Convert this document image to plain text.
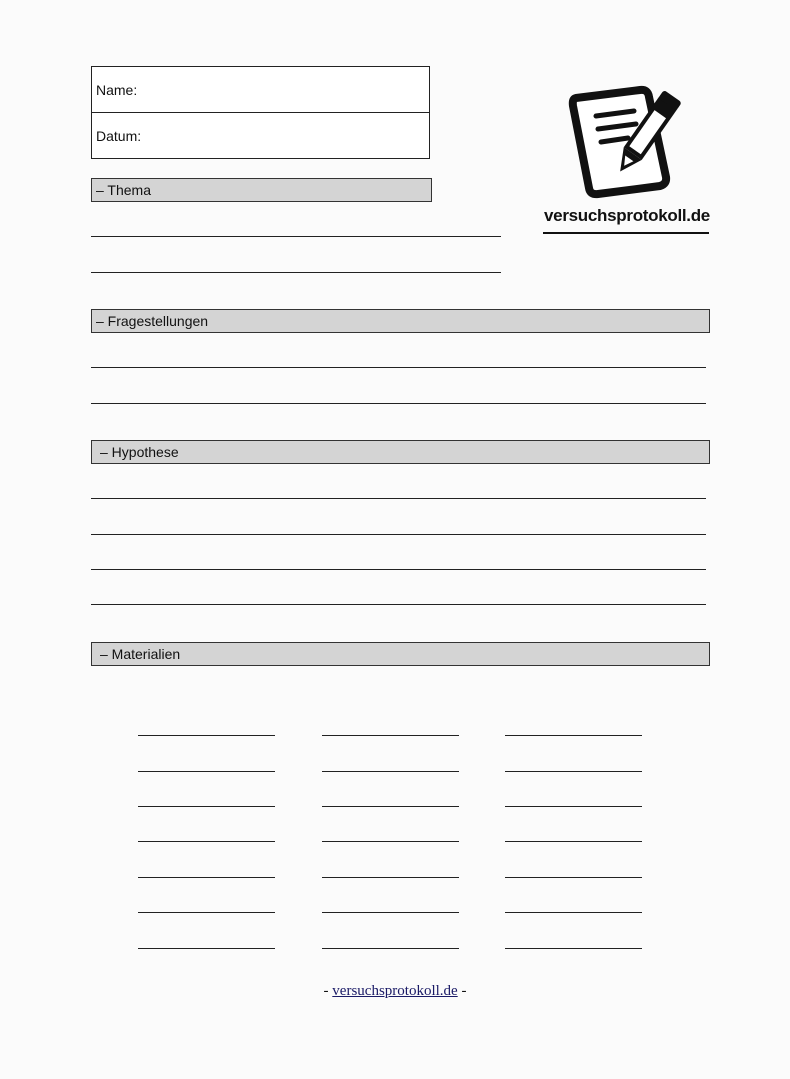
Name:
Datum:
versuchsprotokoll.de
– Thema
– Fragestellungen
– Hypothese
– Materialien
- versuchsprotokoll.de -
